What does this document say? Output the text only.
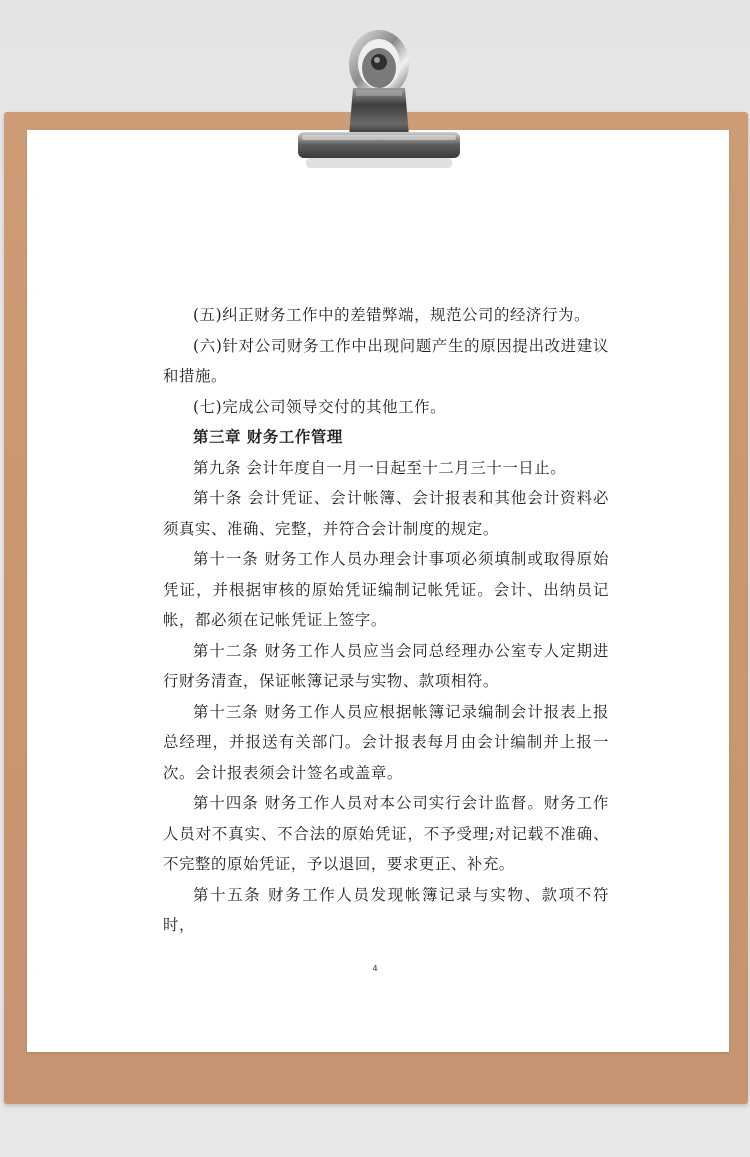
(五)纠正财务工作中的差错弊端，规范公司的经济行为。

(六)针对公司财务工作中出现问题产生的原因提出改进建议和措施。

(七)完成公司领导交付的其他工作。

第三章 财务工作管理

第九条 会计年度自一月一日起至十二月三十一日止。

第十条 会计凭证、会计帐簿、会计报表和其他会计资料必须真实、准确、完整，并符合会计制度的规定。

第十一条 财务工作人员办理会计事项必须填制或取得原始凭证，并根据审核的原始凭证编制记帐凭证。会计、出纳员记帐，都必须在记帐凭证上签字。

第十二条 财务工作人员应当会同总经理办公室专人定期进行财务清查，保证帐簿记录与实物、款项相符。

第十三条 财务工作人员应根据帐簿记录编制会计报表上报总经理，并报送有关部门。会计报表每月由会计编制并上报一次。会计报表须会计签名或盖章。

第十四条 财务工作人员对本公司实行会计监督。财务工作人员对不真实、不合法的原始凭证，不予受理;对记载不准确、不完整的原始凭证，予以退回，要求更正、补充。

第十五条 财务工作人员发现帐簿记录与实物、款项不符时，

4
